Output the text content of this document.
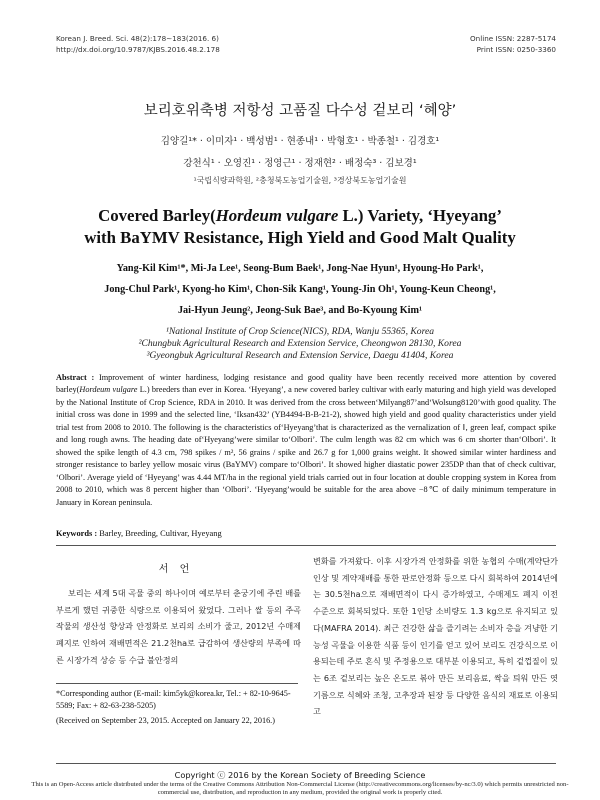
Korean J. Breed. Sci. 48(2):178∼183(2016. 6)
http://dx.doi.org/10.9787/KJBS.2016.48.2.178
Online ISSN: 2287-5174
Print ISSN: 0250-3360
보리호위축병 저항성 고품질 다수성 겉보리 ‘혜양’
김양길¹* · 이미자¹ · 백성범¹ · 현종내¹ · 박형호¹ · 박종철¹ · 김경호¹
강천식¹ · 오영진¹ · 정영근¹ · 정재현² · 배정숙³ · 김보경¹
¹국립식량과학원, ²충청북도농업기술원, ³경상북도농업기술원
Covered Barley(Hordeum vulgare L.) Variety, ‘Hyeyang’
with BaYMV Resistance, High Yield and Good Malt Quality
Yang-Kil Kim¹*, Mi-Ja Lee¹, Seong-Bum Baek¹, Jong-Nae Hyun¹, Hyoung-Ho Park¹,
Jong-Chul Park¹, Kyong-ho Kim¹, Chon-Sik Kang¹, Young-Jin Oh¹, Young-Keun Cheong¹,
Jai-Hyun Jeung², Jeong-Suk Bae³, and Bo-Kyoung Kim¹
¹National Institute of Crop Science(NICS), RDA, Wanju 55365, Korea
²Chungbuk Agricultural Research and Extension Service, Cheongwon 28130, Korea
³Gyeongbuk Agricultural Research and Extension Service, Daegu 41404, Korea
Abstract : Improvement of winter hardiness, lodging resistance and good quality have been recently received more attention by covered barley(Hordeum vulgare L.) breeders than ever in Korea. ‘Hyeyang’, a new covered barley cultivar with early maturing and high yield was developed by the National Institute of Crop Science, RDA in 2010. It was derived from the cross between‘Milyang87’and‘Wolsung8120’with good quality. The initial cross was done in 1999 and the selected line, ‘Iksan432’ (YB4494-B-B-21-2), showed high yield and good quality characteristics under yield trial test from 2008 to 2010. The following is the characteristics of‘Hyeyang’that is characterized as the vernalization of Ⅰ, green leaf, compact spike and long rough awns. The heading date of‘Hyeyang’were similar to‘Olbori’. The culm length was 82 cm which was 6 cm shorter than‘Olbori’. It showed the spike length of 4.3 cm, 798 spikes / m², 56 grains / spike and 26.7 g for 1,000 grains weight. It showed similar winter hardiness and stronger resistance to barley yellow mosaic virus (BaYMV) compare to‘Olbori’. It showed higher diastatic power 235DP than that of check cultivar, ‘Olbori’. Average yield of ‘Hyeyang’ was 4.44 MT/ha in the regional yield trials carried out in four location at double cropping system in Korea from 2008 to 2010, which was 8 percent higher than ‘Olbori’. ‘Hyeyang’would be suitable for the area above −8℃ of daily minimum temperature in January in Korean peninsula.
Keywords : Barley, Breeding, Cultivar, Hyeyang
서 언
보리는 세계 5대 곡물 중의 하나이며 예로부터 춘궁기에 주린 배를 부르게 했던 귀중한 식량으로 이용되어 왔었다. 그러나 쌀 등의 주곡 작물의 생산성 향상과 안정화로 보리의 소비가 줄고, 2012년 수매제 폐지로 인하여 재배면적은 21.2천ha로 급감하여 생산량의 부족에 따른 시장가격 상승 등 수급 불안정의
*Corresponding author (E-mail: kim5yk@korea.kr, Tel.: + 82-10-9645-5589; Fax: + 82-63-238-5205)
(Received on September 23, 2015. Accepted on January 22, 2016.)
변화를 가져왔다. 이후 시장가격 안정화를 위한 농협의 수매(계약단가 인상 및 계약재배를 통한 판로안정화 등으로 다시 회복하여 2014년에는 30.5천ha으로 재배면적이 다시 증가하였고, 수매제도 폐지 이전 수준으로 회복되었다. 또한 1인당 소비량도 1.3 kg으로 유지되고 있다(MAFRA 2014). 최근 건강한 삶을 즐기려는 소비자 층을 겨냥한 기능성 곡물을 이용한 식품 등이 인기를 얻고 있어 보리도 건강식으로 이용되는데 주로 혼식 및 주정용으로 대부분 이용되고, 특히 겉껍질이 있는 6조 겉보리는 높은 온도로 볶아 만든 보리음료, 싹을 틔워 만든 엿기름으로 식혜와 조청, 고추장과 된장 등 다양한 음식의 재료로 이용되고
Copyright ⓒ 2016 by the Korean Society of Breeding Science
This is an Open-Access article distributed under the terms of the Creative Commons Attribution Non-Commercial License (http://creativecommons.org/licenses/by-nc/3.0) which permits unrestricted non-commercial use, distribution, and reproduction in any medium, provided the original work is properly cited.
